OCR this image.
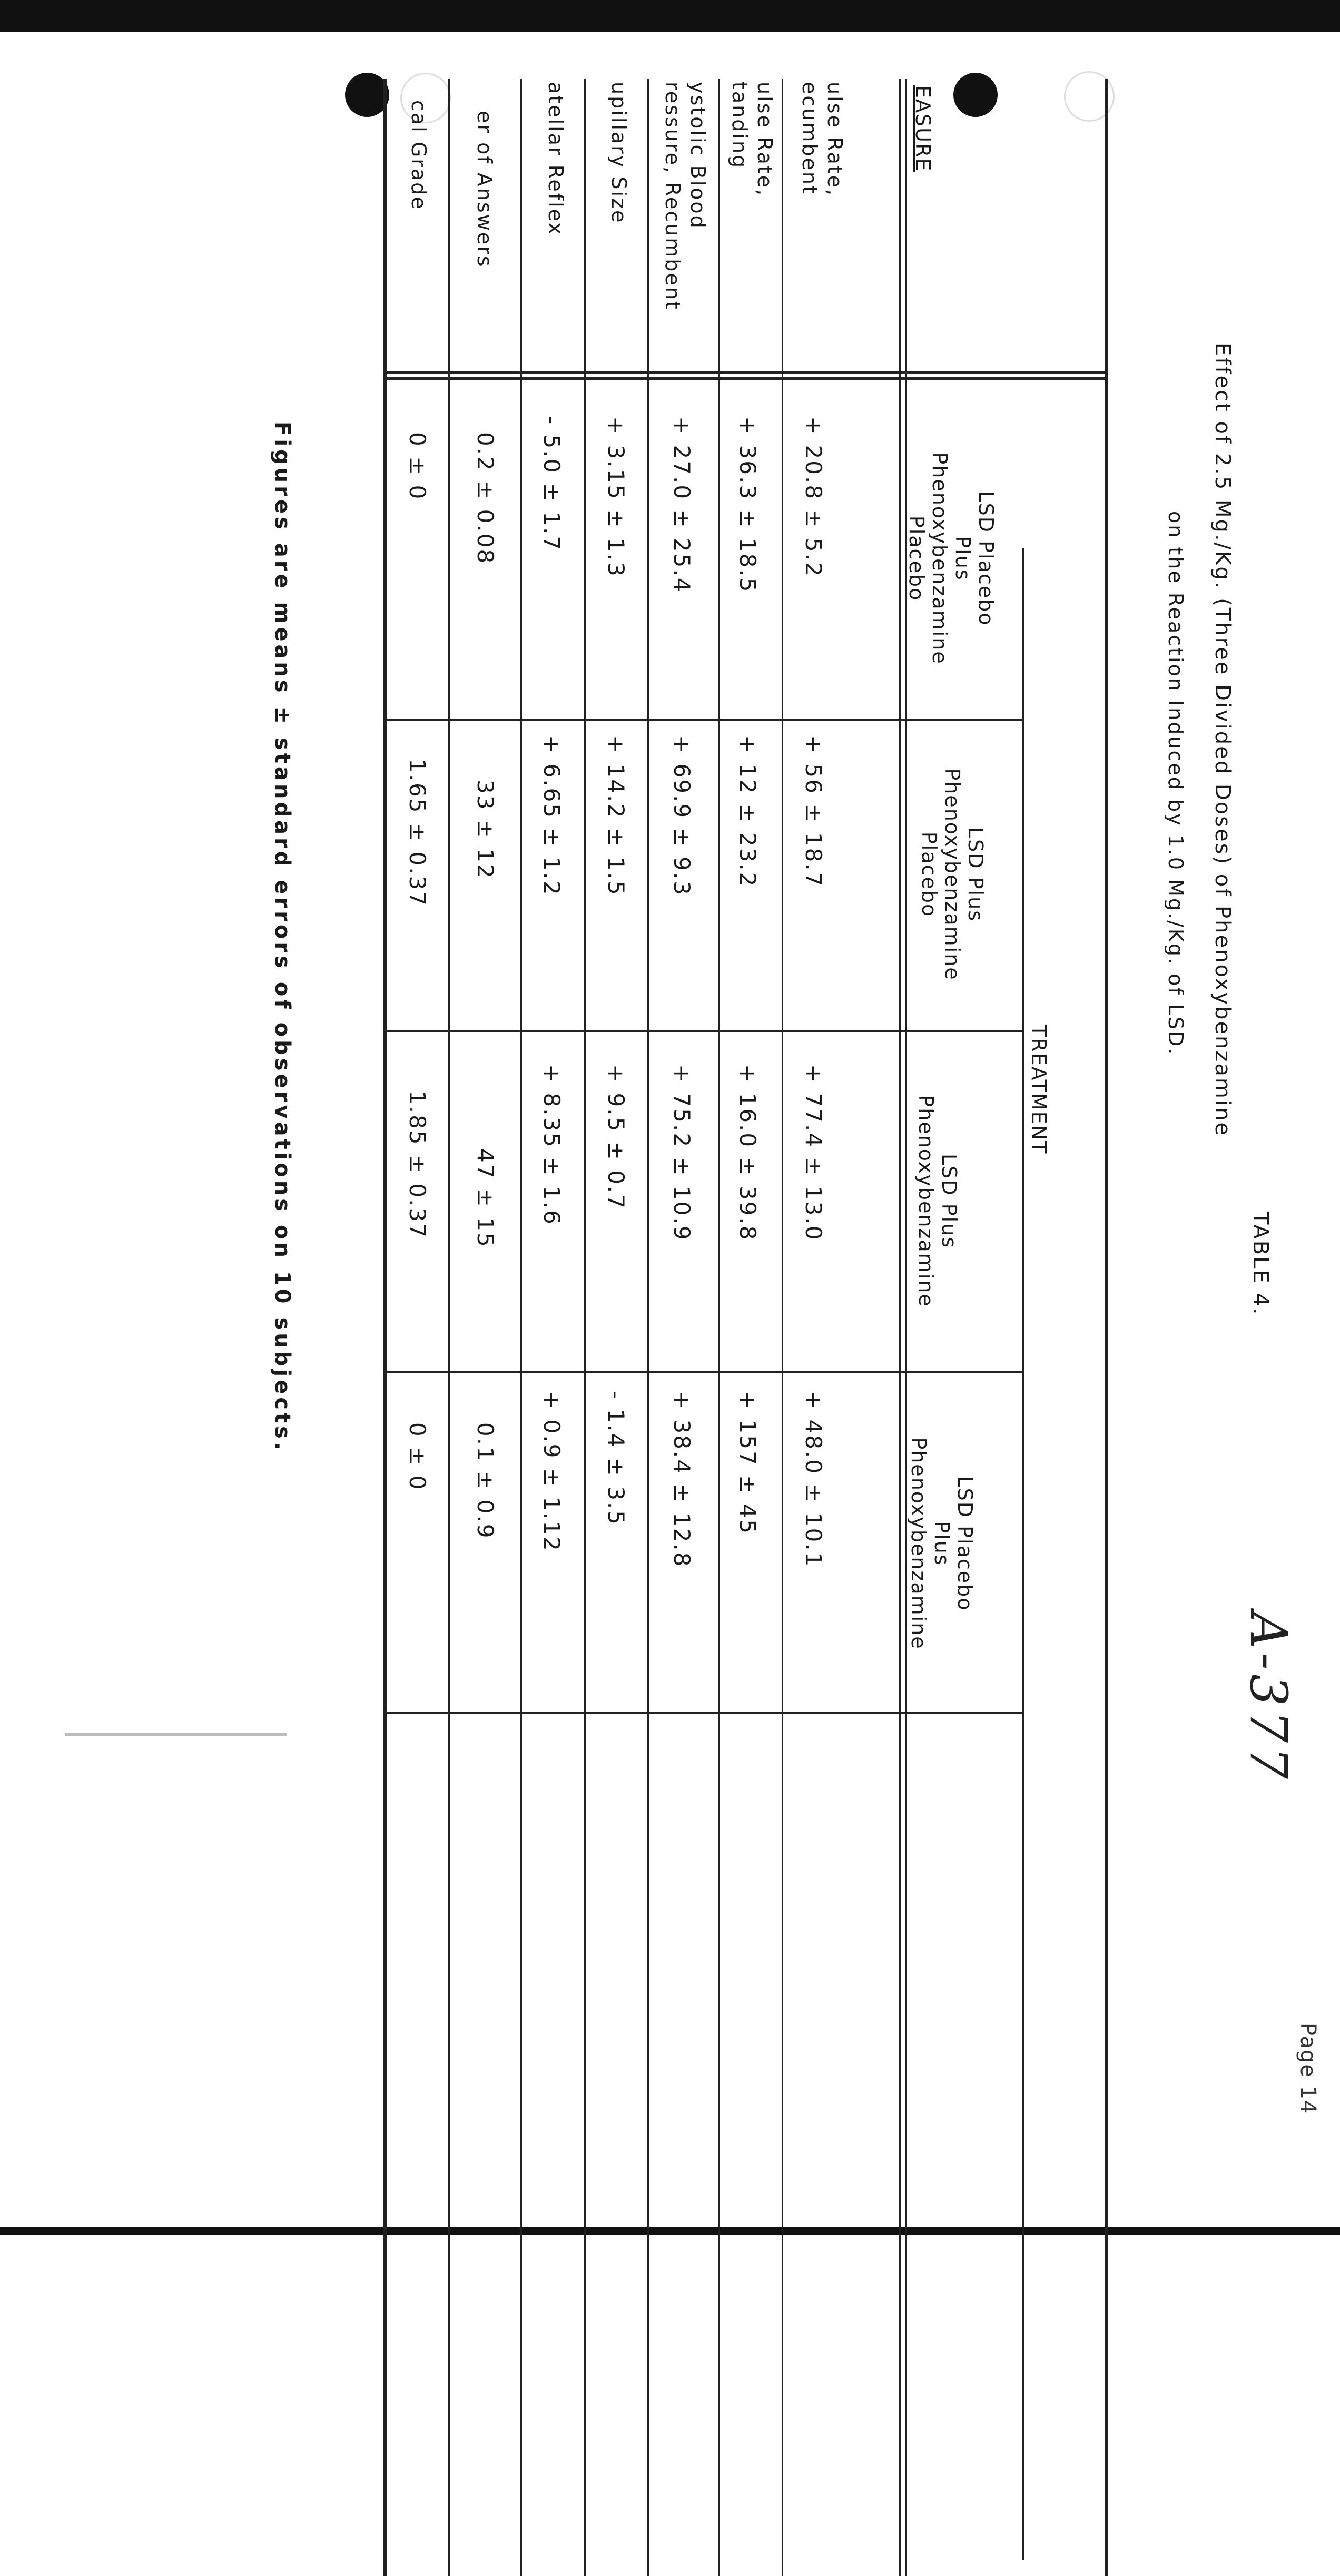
TABLE 4.
Page 14
Effect of 2.5 Mg./Kg. (Three Divided Doses) of Phenoxybenzamine
on the Reaction Induced by 1.0 Mg./Kg. of LSD.
A-377
TREATMENT
EASURE
LSD Placebo
Plus
Phenoxybenzamine
Placebo
LSD Plus
Phenoxybenzamine
Placebo
LSD Plus
Phenoxybenzamine
LSD Placebo
Plus
Phenoxybenzamine
ulse Rate,
ecumbent
ulse Rate,
tanding
ystolic Blood
ressure, Recumbent
upillary Size
atellar Reflex
er of Answers
cal Grade
+ 20.8 ± 5.2
+ 56 ± 18.7
+ 77.4 ± 13.0
+ 48.0 ± 10.1
+ 36.3 ± 18.5
+ 12 ± 23.2
+ 16.0 ± 39.8
+ 157 ± 45
+ 27.0 ± 25.4
+ 69.9 ± 9.3
+ 75.2 ± 10.9
+ 38.4 ± 12.8
+ 3.15 ± 1.3
+ 14.2 ± 1.5
+ 9.5 ± 0.7
- 1.4 ± 3.5
- 5.0 ± 1.7
+ 6.65 ± 1.2
+ 8.35 ± 1.6
+ 0.9 ± 1.12
0.2 ± 0.08
33 ± 12
47 ± 15
0.1 ± 0.9
0 ± 0
1.65 ± 0.37
1.85 ± 0.37
0 ± 0
Figures are means ± standard errors of observations on 10 subjects.
